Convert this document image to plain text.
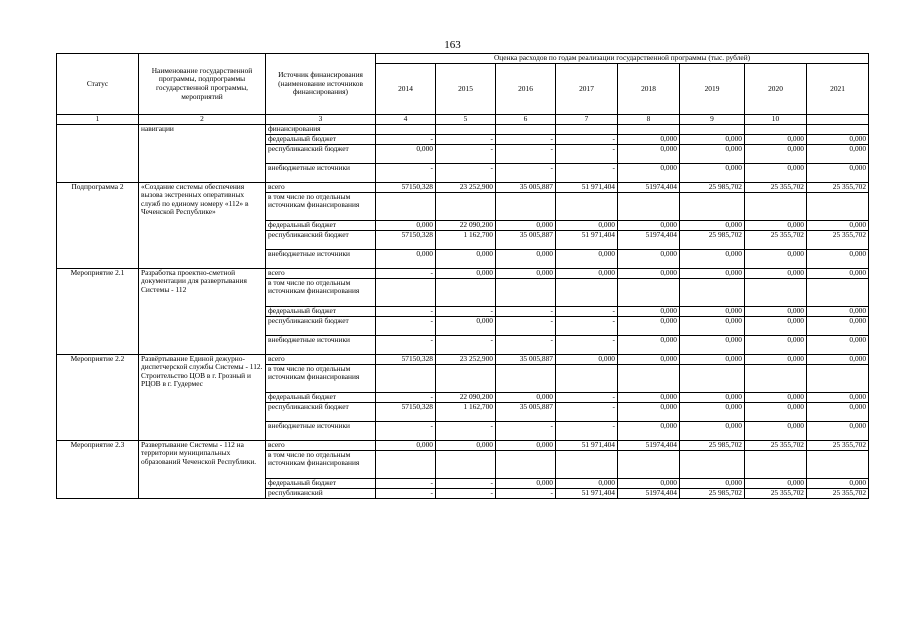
163
Статус	Наименование государственной программы, подпрограммы государственной программы, мероприятий	Источник финансирования (наименование источников финансирования)	Оценка расходов по годам реализации государственной программы (тыс. рублей)							
			2014	2015	2016	2017	2018	2019	2020	2021
1	2	3	4	5	6	7	8	9	10	
	навигации	финансирования								
		федеральный бюджет	-	-	-	-	0,000	0,000	0,000	0,000
		республиканский бюджет	0,000	-	-	-	0,000	0,000	0,000	0,000
		внебюджетные источники	-	-	-	-	0,000	0,000	0,000	0,000
Подпрограмма 2	«Создание системы обеспечения вызова экстренных оперативных служб по единому номеру «112» в Чеченской Республике»	всего	57150,328	23 252,900	35 005,887	51 971,404	51974,404	25 985,702	25 355,702	25 355,702
		в том числе по отдельным источникам финансирования								
		федеральный бюджет	0,000	22 090,200	0,000	0,000	0,000	0,000	0,000	0,000
		республиканский бюджет	57150,328	1 162,700	35 005,887	51 971,404	51974,404	25 985,702	25 355,702	25 355,702
		внебюджетные источники	0,000	0,000	0,000	0,000	0,000	0,000	0,000	0,000
Мероприятие 2.1	Разработка проектно-сметной документации для развертывания Системы - 112	всего	-	0,000	0,000	0,000	0,000	0,000	0,000	0,000
		в том числе по отдельным источникам финансирования								
		федеральный бюджет	-	-	-	-	0,000	0,000	0,000	0,000
		республиканский бюджет	-	0,000	-	-	0,000	0,000	0,000	0,000
		внебюджетные источники	-	-	-	-	0,000	0,000	0,000	0,000
Мероприятие 2.2	Развёртывание Единой дежурно-диспетчерской службы Системы - 112. Строительство ЦОВ в г. Грозный и РЦОВ в г. Гудермес	всего	57150,328	23 252,900	35 005,887	0,000	0,000	0,000	0,000	0,000
		в том числе по отдельным источникам финансирования								
		федеральный бюджет	-	22 090,200	0,000	-	0,000	0,000	0,000	0,000
		республиканский бюджет	57150,328	1 162,700	35 005,887	-	0,000	0,000	0,000	0,000
		внебюджетные источники	-	-	-	-	0,000	0,000	0,000	0,000
Мероприятие 2.3	Развертывание Системы - 112 на территории муниципальных образований Чеченской Республики.	всего	0,000	0,000	0,000	51 971,404	51974,404	25 985,702	25 355,702	25 355,702
		в том числе по отдельным источникам финансирования								
		федеральный бюджет	-	-	0,000	0,000	0,000	0,000	0,000	0,000
		республиканский	-	-	-	51 971,404	51974,404	25 985,702	25 355,702	25 355,702
